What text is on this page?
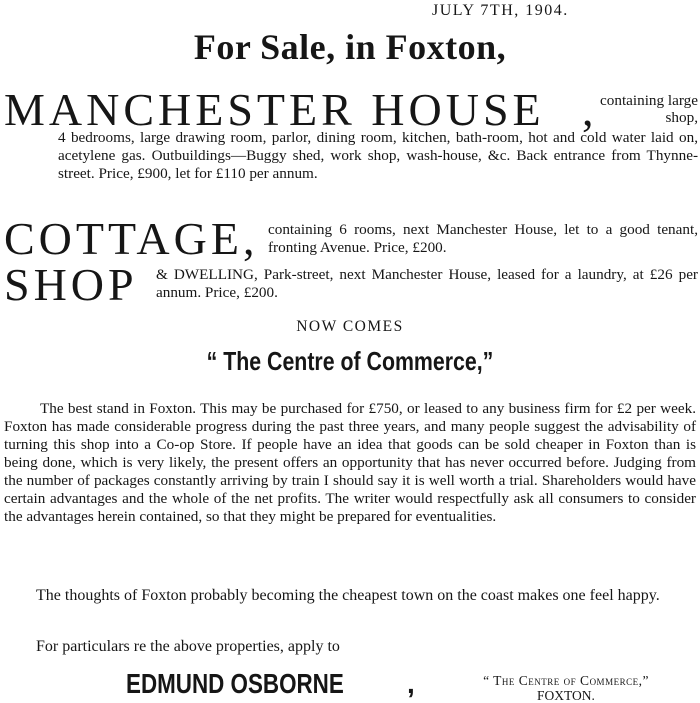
JULY 7TH, 1904.
For Sale, in Foxton,
MANCHESTER HOUSE , containing large shop,
4 bedrooms, large drawing room, parlor, dining room, kitchen, bath-room, hot and cold water laid on, acetylene gas. Outbuildings—Buggy shed, work shop, wash-house, &c. Back entrance from Thynne-street. Price, £900, let for £110 per annum.
COTTAGE, containing 6 rooms, next Manchester House, let to a good tenant, fronting Avenue. Price, £200.
SHOP & DWELLING, Park-street, next Manchester House, leased for a laundry, at £26 per annum. Price, £200.
NOW COMES
“ The Centre of Commerce,”
The best stand in Foxton. This may be purchased for £750, or leased to any business firm for £2 per week. Foxton has made considerable progress during the past three years, and many people suggest the advisability of turning this shop into a Co-op Store. If people have an idea that goods can be sold cheaper in Foxton than is being done, which is very likely, the present offers an opportunity that has never occurred before. Judging from the number of packages constantly arriving by train I should say it is well worth a trial. Shareholders would have certain advantages and the whole of the net profits. The writer would respectfully ask all consumers to consider the advantages herein contained, so that they might be prepared for eventualities.
The thoughts of Foxton probably becoming the cheapest town on the coast makes one feel happy.
For particulars re the above properties, apply to
EDMUND OSBORNE ,	“ The Centre of Commerce,”
FOXTON.
